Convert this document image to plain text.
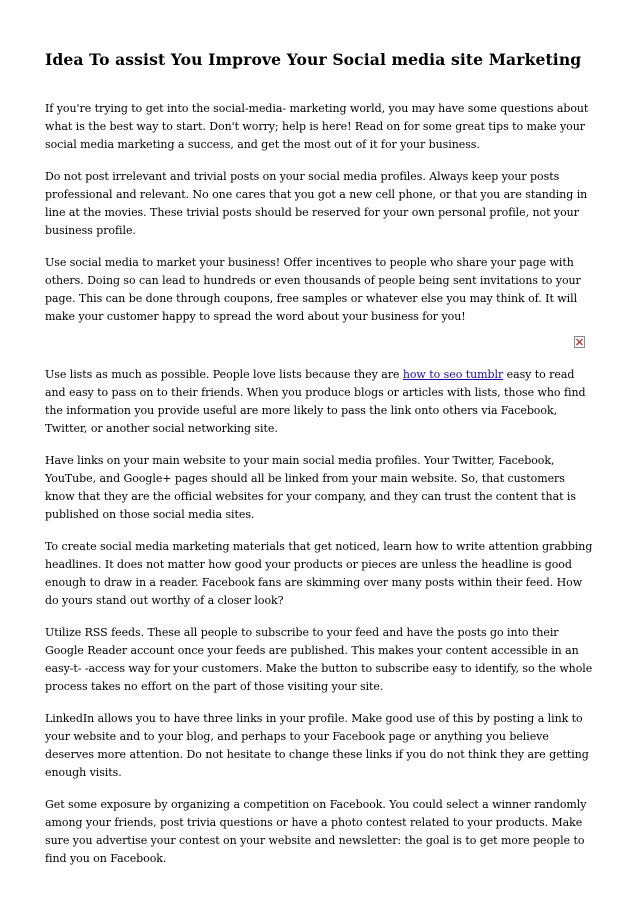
Idea To assist You Improve Your Social media site Marketing

If you're trying to get into the social-media- marketing world, you may have some questions about what is the best way to start. Don't worry; help is here! Read on for some great tips to make your social media marketing a success, and get the most out of it for your business.

Do not post irrelevant and trivial posts on your social media profiles. Always keep your posts professional and relevant. No one cares that you got a new cell phone, or that you are standing in line at the movies. These trivial posts should be reserved for your own personal profile, not your business profile.

Use social media to market your business! Offer incentives to people who share your page with others. Doing so can lead to hundreds or even thousands of people being sent invitations to your page. This can be done through coupons, free samples or whatever else you may think of. It will make your customer happy to spread the word about your business for you!

Use lists as much as possible. People love lists because they are how to seo tumblr easy to read and easy to pass on to their friends. When you produce blogs or articles with lists, those who find the information you provide useful are more likely to pass the link onto others via Facebook, Twitter, or another social networking site.

Have links on your main website to your main social media profiles. Your Twitter, Facebook, YouTube, and Google+ pages should all be linked from your main website. So, that customers know that they are the official websites for your company, and they can trust the content that is published on those social media sites.

To create social media marketing materials that get noticed, learn how to write attention grabbing headlines. It does not matter how good your products or pieces are unless the headline is good enough to draw in a reader. Facebook fans are skimming over many posts within their feed. How do yours stand out worthy of a closer look?

Utilize RSS feeds. These all people to subscribe to your feed and have the posts go into their Google Reader account once your feeds are published. This makes your content accessible in an easy-t- -access way for your customers. Make the button to subscribe easy to identify, so the whole process takes no effort on the part of those visiting your site.

LinkedIn allows you to have three links in your profile. Make good use of this by posting a link to your website and to your blog, and perhaps to your Facebook page or anything you believe deserves more attention. Do not hesitate to change these links if you do not think they are getting enough visits.

Get some exposure by organizing a competition on Facebook. You could select a winner randomly among your friends, post trivia questions or have a photo contest related to your products. Make sure you advertise your contest on your website and newsletter: the goal is to get more people to find you on Facebook.
